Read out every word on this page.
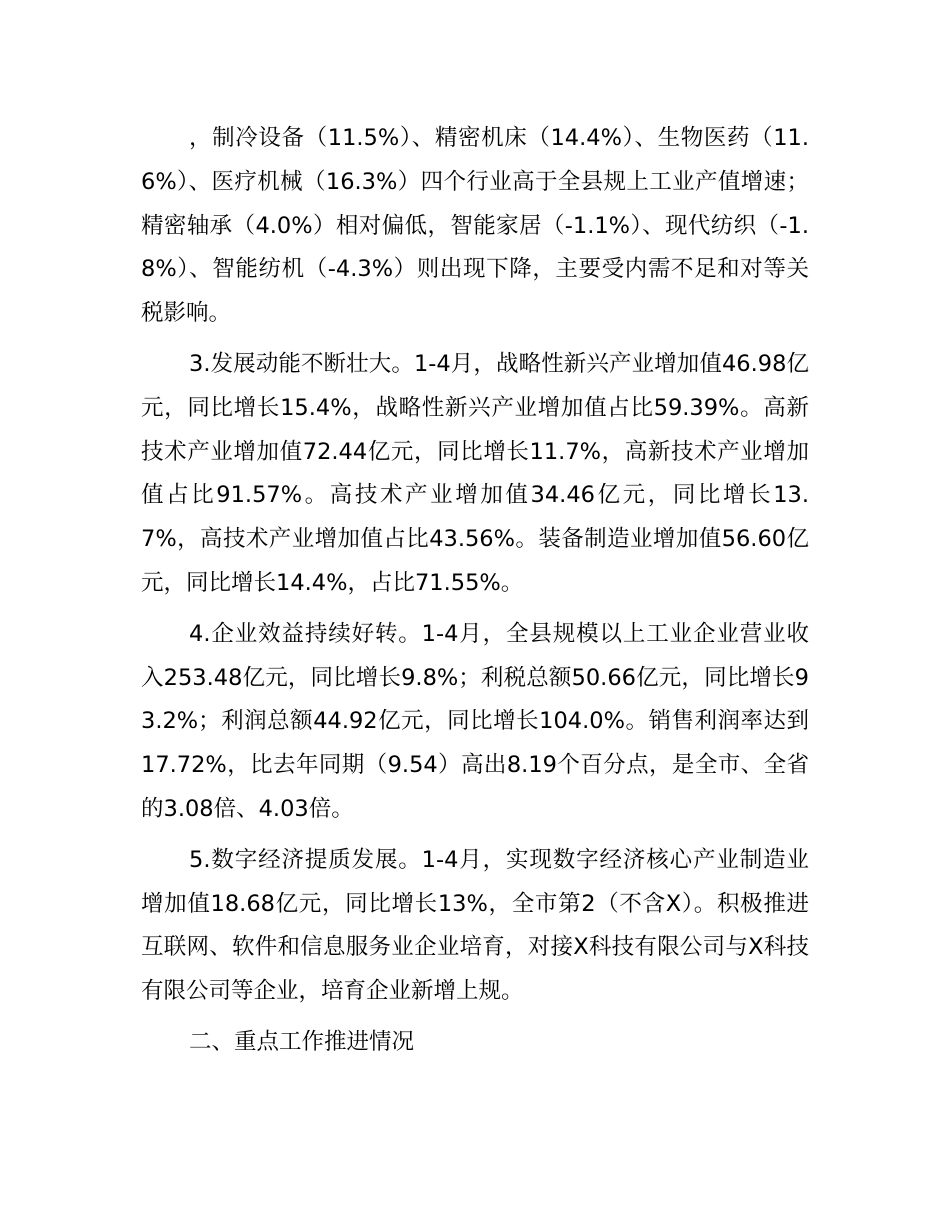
，制冷设备（11.5%）、精密机床（14.4%）、生物医药（11.6%）、医疗机械（16.3%）四个行业高于全县规上工业产值增速；精密轴承（4.0%）相对偏低，智能家居（-1.1%）、现代纺织（-1.8%）、智能纺机（-4.3%）则出现下降，主要受内需不足和对等关税影响。

3.发展动能不断壮大。1-4月，战略性新兴产业增加值46.98亿元，同比增长15.4%，战略性新兴产业增加值占比59.39%。高新技术产业增加值72.44亿元，同比增长11.7%，高新技术产业增加值占比91.57%。高技术产业增加值34.46亿元，同比增长13.7%，高技术产业增加值占比43.56%。装备制造业增加值56.60亿元，同比增长14.4%，占比71.55%。

4.企业效益持续好转。1-4月，全县规模以上工业企业营业收入253.48亿元，同比增长9.8%；利税总额50.66亿元，同比增长93.2%；利润总额44.92亿元，同比增长104.0%。销售利润率达到17.72%，比去年同期（9.54）高出8.19个百分点，是全市、全省的3.08倍、4.03倍。

5.数字经济提质发展。1-4月，实现数字经济核心产业制造业增加值18.68亿元，同比增长13%，全市第2（不含X）。积极推进互联网、软件和信息服务业企业培育，对接X科技有限公司与X科技有限公司等企业，培育企业新增上规。

二、重点工作推进情况
